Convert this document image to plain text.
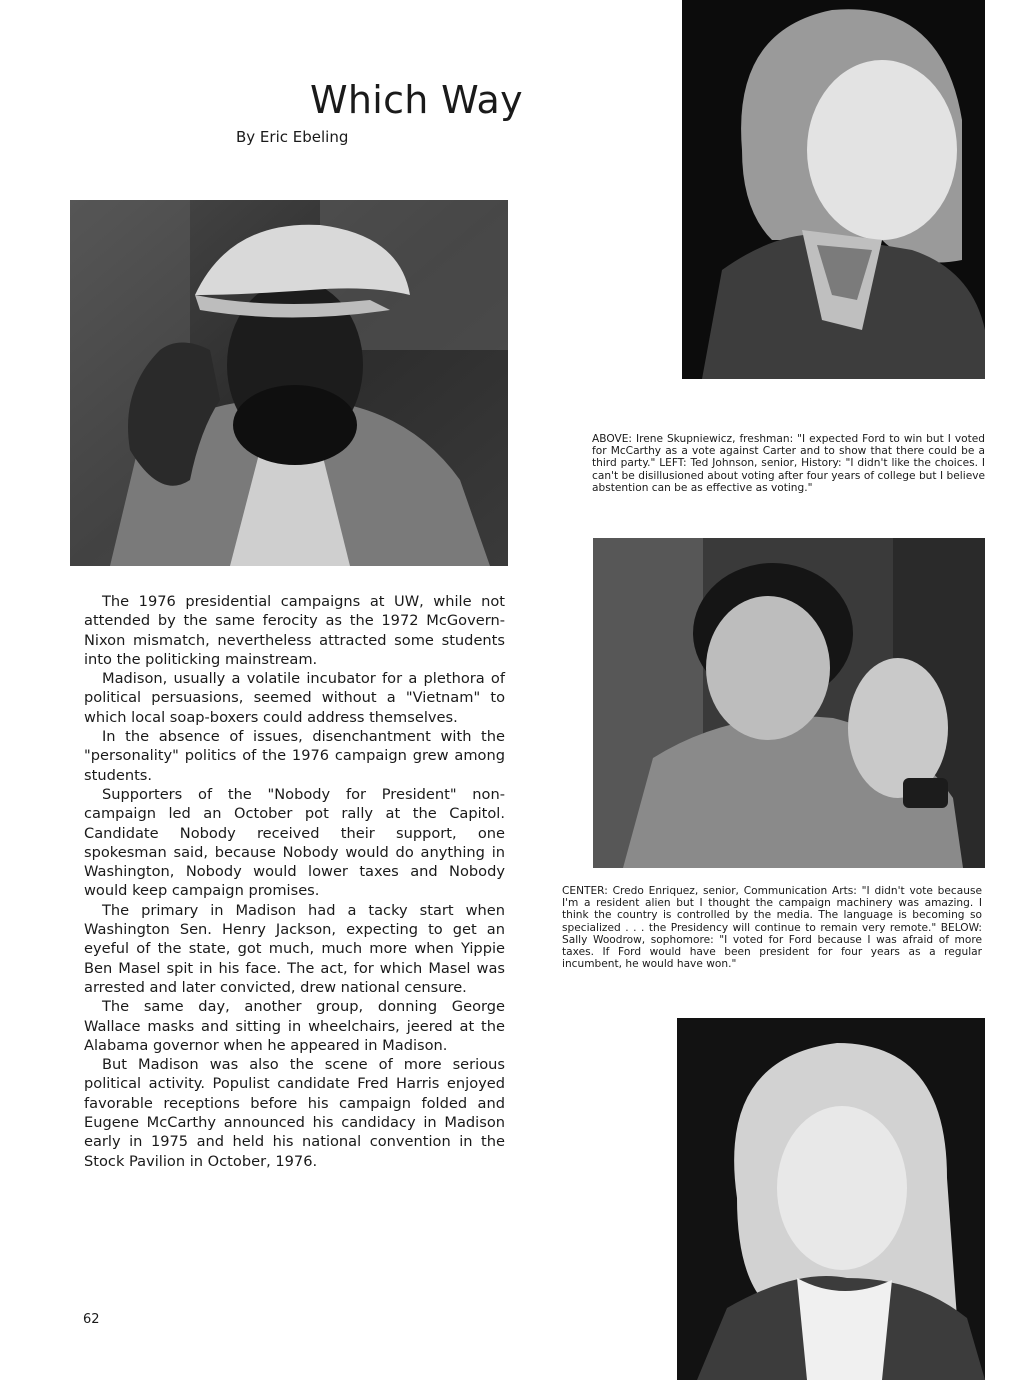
Which Way

By Eric Ebeling

ABOVE: Irene Skupniewicz, freshman: "I expected Ford to win but I voted for McCarthy as a vote against Carter and to show that there could be a third party." LEFT: Ted Johnson, senior, History: "I didn't like the choices. I can't be disillusioned about voting after four years of college but I believe abstention can be as effective as voting."

CENTER: Credo Enriquez, senior, Communication Arts: "I didn't vote because I'm a resident alien but I thought the campaign machinery was amazing. I think the country is controlled by the media. The language is becoming so specialized . . . the Presidency will continue to remain very remote." BELOW: Sally Woodrow, sophomore: "I voted for Ford because I was afraid of more taxes. If Ford would have been president for four years as a regular incumbent, he would have won."

The 1976 presidential campaigns at UW, while not attended by the same ferocity as the 1972 McGovern-Nixon mismatch, nevertheless attracted some students into the politicking mainstream.

Madison, usually a volatile incubator for a plethora of political persuasions, seemed without a "Vietnam" to which local soap-boxers could address themselves.

In the absence of issues, disenchantment with the "personality" politics of the 1976 campaign grew among students.

Supporters of the "Nobody for President" non-campaign led an October pot rally at the Capitol. Candidate Nobody received their support, one spokesman said, because Nobody would do anything in Washington, Nobody would lower taxes and Nobody would keep campaign promises.

The primary in Madison had a tacky start when Washington Sen. Henry Jackson, expecting to get an eyeful of the state, got much, much more when Yippie Ben Masel spit in his face. The act, for which Masel was arrested and later convicted, drew national censure.

The same day, another group, donning George Wallace masks and sitting in wheelchairs, jeered at the Alabama governor when he appeared in Madison.

But Madison was also the scene of more serious political activity. Populist candidate Fred Harris enjoyed favorable receptions before his campaign folded and Eugene McCarthy announced his candidacy in Madison early in 1975 and held his national convention in the Stock Pavilion in October, 1976.

62
